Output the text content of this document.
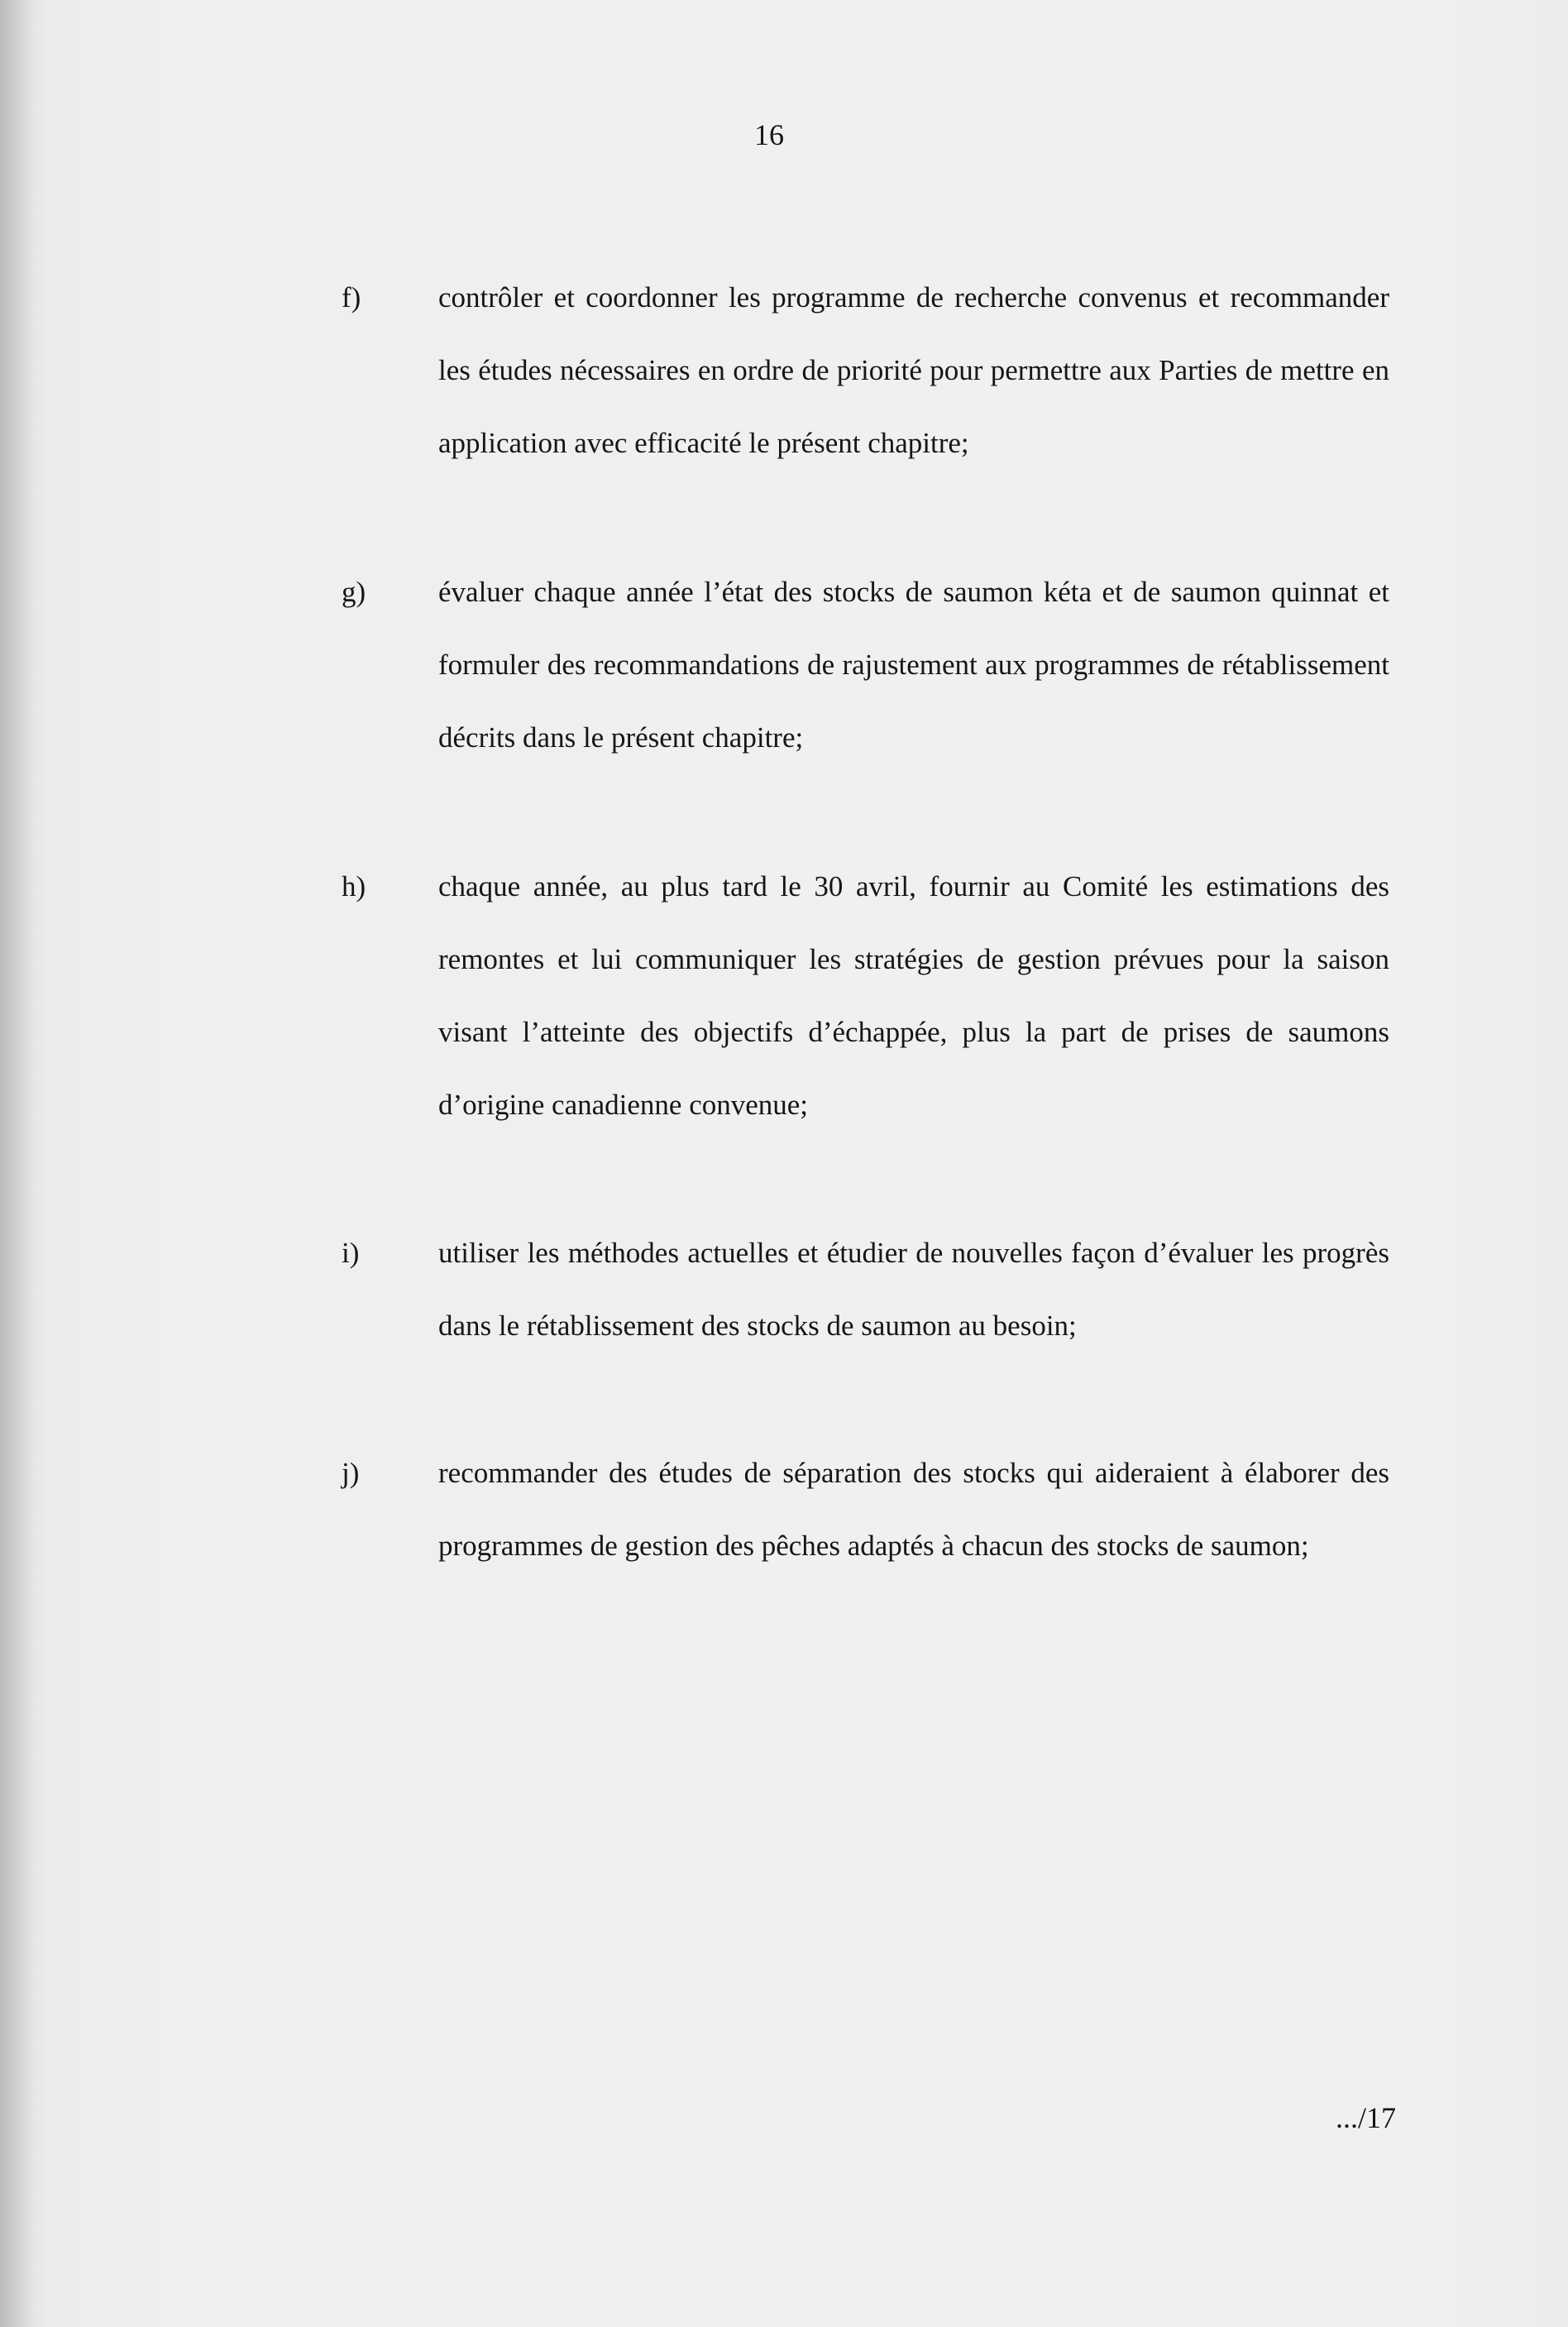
16
f)	contrôler et coordonner les programme de recherche convenus et recommander les études nécessaires en ordre de priorité pour permettre aux Parties de mettre en application avec efficacité le présent chapitre;
g)	évaluer chaque année l’état des stocks de saumon kéta et de saumon quinnat et formuler des recommandations de rajustement aux programmes de rétablissement décrits dans le présent chapitre;
h)	chaque année, au plus tard le 30 avril, fournir au Comité les estimations des remontes et lui communiquer les stratégies de gestion prévues pour la saison visant l’atteinte des objectifs d’échappée, plus la part de prises de saumons d’origine canadienne convenue;
i)	utiliser les méthodes actuelles et étudier de nouvelles façon d’évaluer les progrès dans le rétablissement des stocks de saumon au besoin;
j)	recommander des études de séparation des stocks qui aideraient à élaborer des programmes de gestion des pêches adaptés à chacun des stocks de saumon;
.../17
